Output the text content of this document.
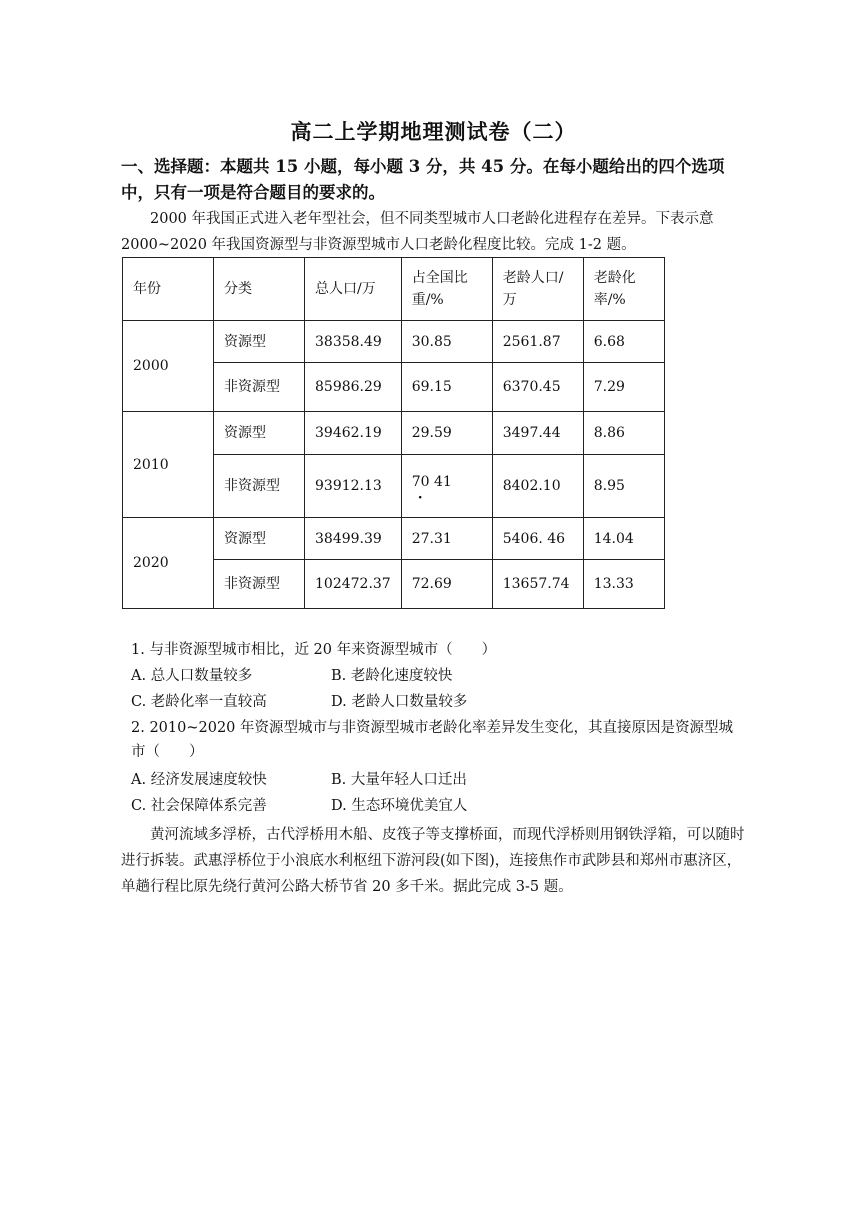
高二上学期地理测试卷（二）
一、选择题：本题共 15 小题，每小题 3 分，共 45 分。在每小题给出的四个选项中，只有一项是符合题目的要求的。
2000 年我国正式进入老年型社会，但不同类型城市人口老龄化进程存在差异。下表示意 2000~2020 年我国资源型与非资源型城市人口老龄化程度比较。完成 1-2 题。
年份	分类	总人口/万	占全国比重/%	老龄人口/万	老龄化率/%
2000	资源型	38358.49	30.85	2561.87	6.68
	非资源型	85986.29	69.15	6370.45	7.29
2010	资源型	39462.19	29.59	3497.44	8.86
	非资源型	93912.13	70 41 ·	8402.10	8.95
2020	资源型	38499.39	27.31	5406. 46	14.04
	非资源型	102472.37	72.69	13657.74	13.33
1. 与非资源型城市相比，近 20 年来资源型城市（　　）
A. 总人口数量较多	B. 老龄化速度较快
C. 老龄化率一直较高	D. 老龄人口数量较多
2. 2010~2020 年资源型城市与非资源型城市老龄化率差异发生变化，其直接原因是资源型城市（　　）
A. 经济发展速度较快	B. 大量年轻人口迁出
C. 社会保障体系完善	D. 生态环境优美宜人
黄河流域多浮桥，古代浮桥用木船、皮筏子等支撑桥面，而现代浮桥则用钢铁浮箱，可以随时进行拆装。武惠浮桥位于小浪底水利枢纽下游河段(如下图)，连接焦作市武陟县和郑州市惠济区，单趟行程比原先绕行黄河公路大桥节省 20 多千米。据此完成 3-5 题。
